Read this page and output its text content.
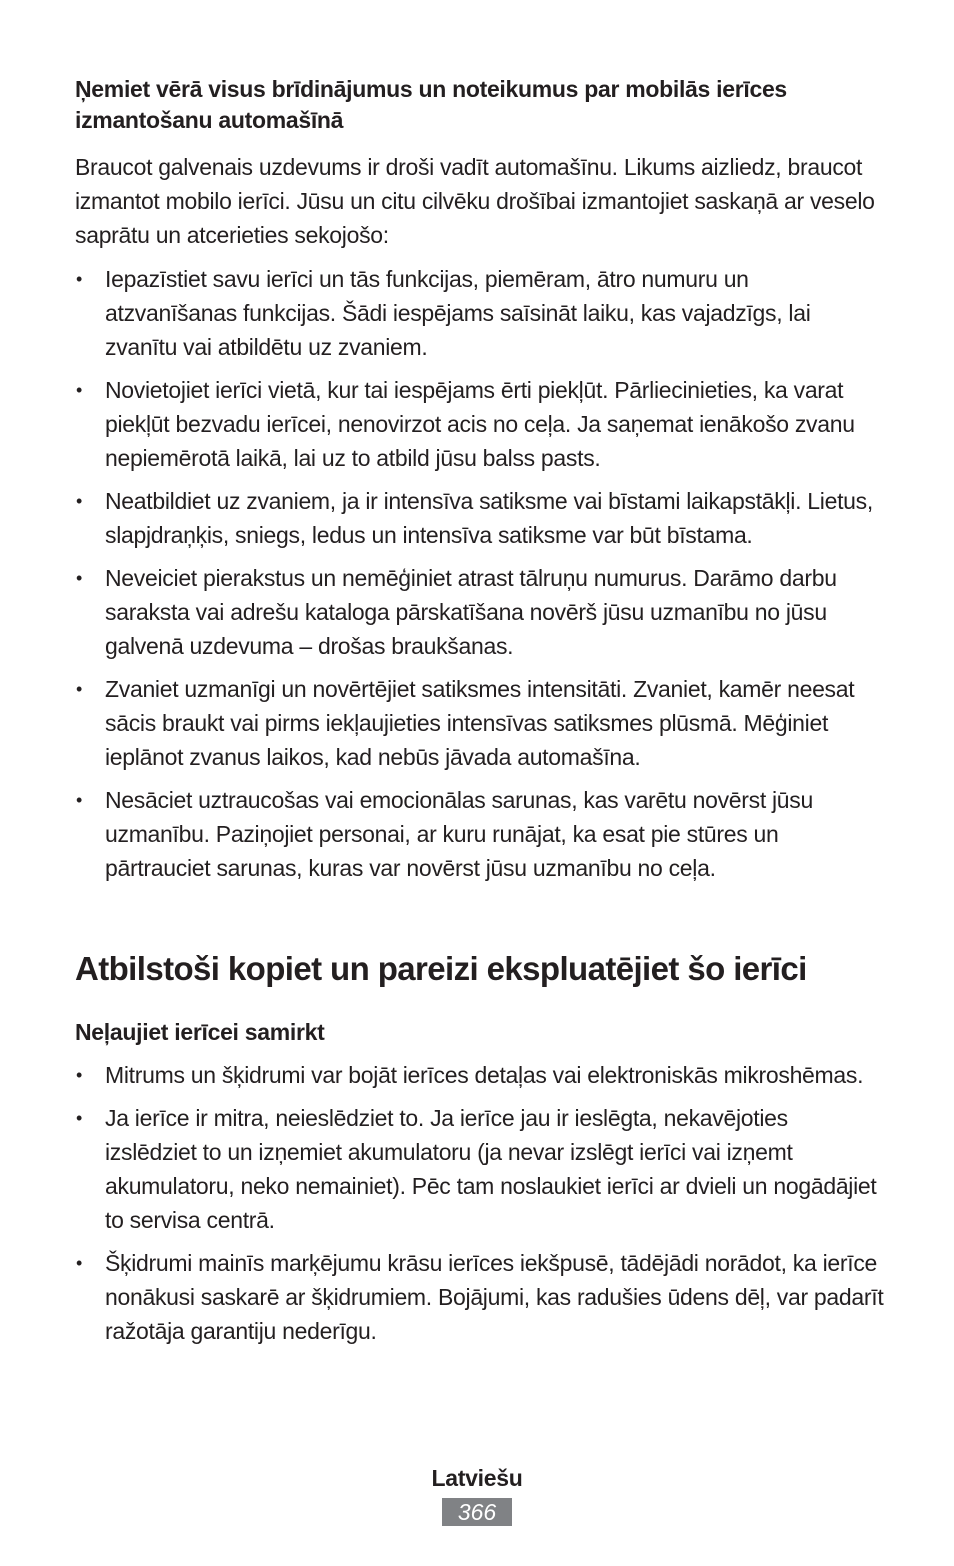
Ņemiet vērā visus brīdinājumus un noteikumus par mobilās ierīces izmantošanu automašīnā

Braucot galvenais uzdevums ir droši vadīt automašīnu. Likums aizliedz, braucot izmantot mobilo ierīci. Jūsu un citu cilvēku drošībai izmantojiet saskaņā ar veselo saprātu un atcerieties sekojošo:

• Iepazīstiet savu ierīci un tās funkcijas, piemēram, ātro numuru un atzvanīšanas funkcijas. Šādi iespējams saīsināt laiku, kas vajadzīgs, lai zvanītu vai atbildētu uz zvaniem.
• Novietojiet ierīci vietā, kur tai iespējams ērti piekļūt. Pārliecinieties, ka varat piekļūt bezvadu ierīcei, nenovirzot acis no ceļa. Ja saņemat ienākošo zvanu nepiemērotā laikā, lai uz to atbild jūsu balss pasts.
• Neatbildiet uz zvaniem, ja ir intensīva satiksme vai bīstami laikapstākļi. Lietus, slapjdraņķis, sniegs, ledus un intensīva satiksme var būt bīstama.
• Neveiciet pierakstus un nemēģiniet atrast tālruņu numurus. Darāmo darbu saraksta vai adrešu kataloga pārskatīšana novērš jūsu uzmanību no jūsu galvenā uzdevuma – drošas braukšanas.
• Zvaniet uzmanīgi un novērtējiet satiksmes intensitāti. Zvaniet, kamēr neesat sācis braukt vai pirms iekļaujieties intensīvas satiksmes plūsmā. Mēģiniet ieplānot zvanus laikos, kad nebūs jāvada automašīna.
• Nesāciet uztraucošas vai emocionālas sarunas, kas varētu novērst jūsu uzmanību. Paziņojiet personai, ar kuru runājat, ka esat pie stūres un pārtrauciet sarunas, kuras var novērst jūsu uzmanību no ceļa.
Atbilstoši kopiet un pareizi ekspluatējiet šo ierīci

Neļaujiet ierīcei samirkt

• Mitrums un šķidrumi var bojāt ierīces detaļas vai elektroniskās mikroshēmas.
• Ja ierīce ir mitra, neieslēdziet to. Ja ierīce jau ir ieslēgta, nekavējoties izslēdziet to un izņemiet akumulatoru (ja nevar izslēgt ierīci vai izņemt akumulatoru, neko nemainiet). Pēc tam noslaukiet ierīci ar dvieli un nogādājiet to servisa centrā.
• Šķidrumi mainīs marķējumu krāsu ierīces iekšpusē, tādējādi norādot, ka ierīce nonākusi saskarē ar šķidrumiem. Bojājumi, kas radušies ūdens dēļ, var padarīt ražotāja garantiju nederīgu.
Latviešu
366
